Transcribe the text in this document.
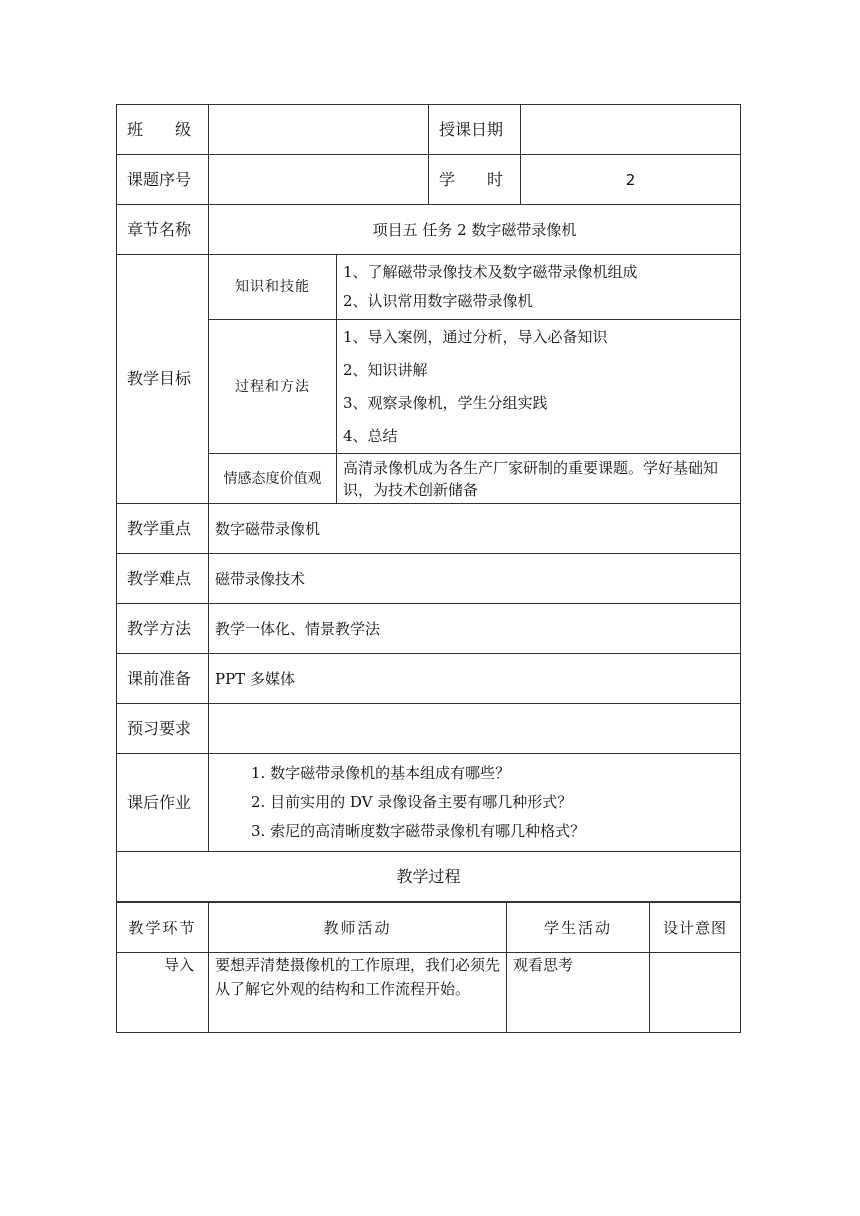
班　　级			授课日期	
课题序号			学　　时	2
章节名称	项目五 任务 2 数字磁带录像机			
教学目标	知识和技能	1、了解磁带录像技术及数字磁带录像机组成
2、认识常用数字磁带录像机		

	过程和方法	1、导入案例，通过分析，导入必备知识
2、知识讲解
3、观察录像机，学生分组实践
4、总结		

	情感态度价值观	高清录像机成为各生产厂家研制的重要课题。学好基础知识，为技术创新储备		
教学重点	数字磁带录像机			
教学难点	磁带录像技术			
教学方法	教学一体化、情景教学法			
课前准备	PPT 多媒体			
预习要求				
课后作业	1. 数字磁带录像机的基本组成有哪些？
2. 目前实用的 DV 录像设备主要有哪几种形式？
3. 索尼的高清晰度数字磁带录像机有哪几种格式？			

教学过程				
教学环节	教师活动	学生活动	设计意图
导入	要想弄清楚摄像机的工作原理，我们必须先从了解它外观的结构和工作流程开始。	观看思考	
